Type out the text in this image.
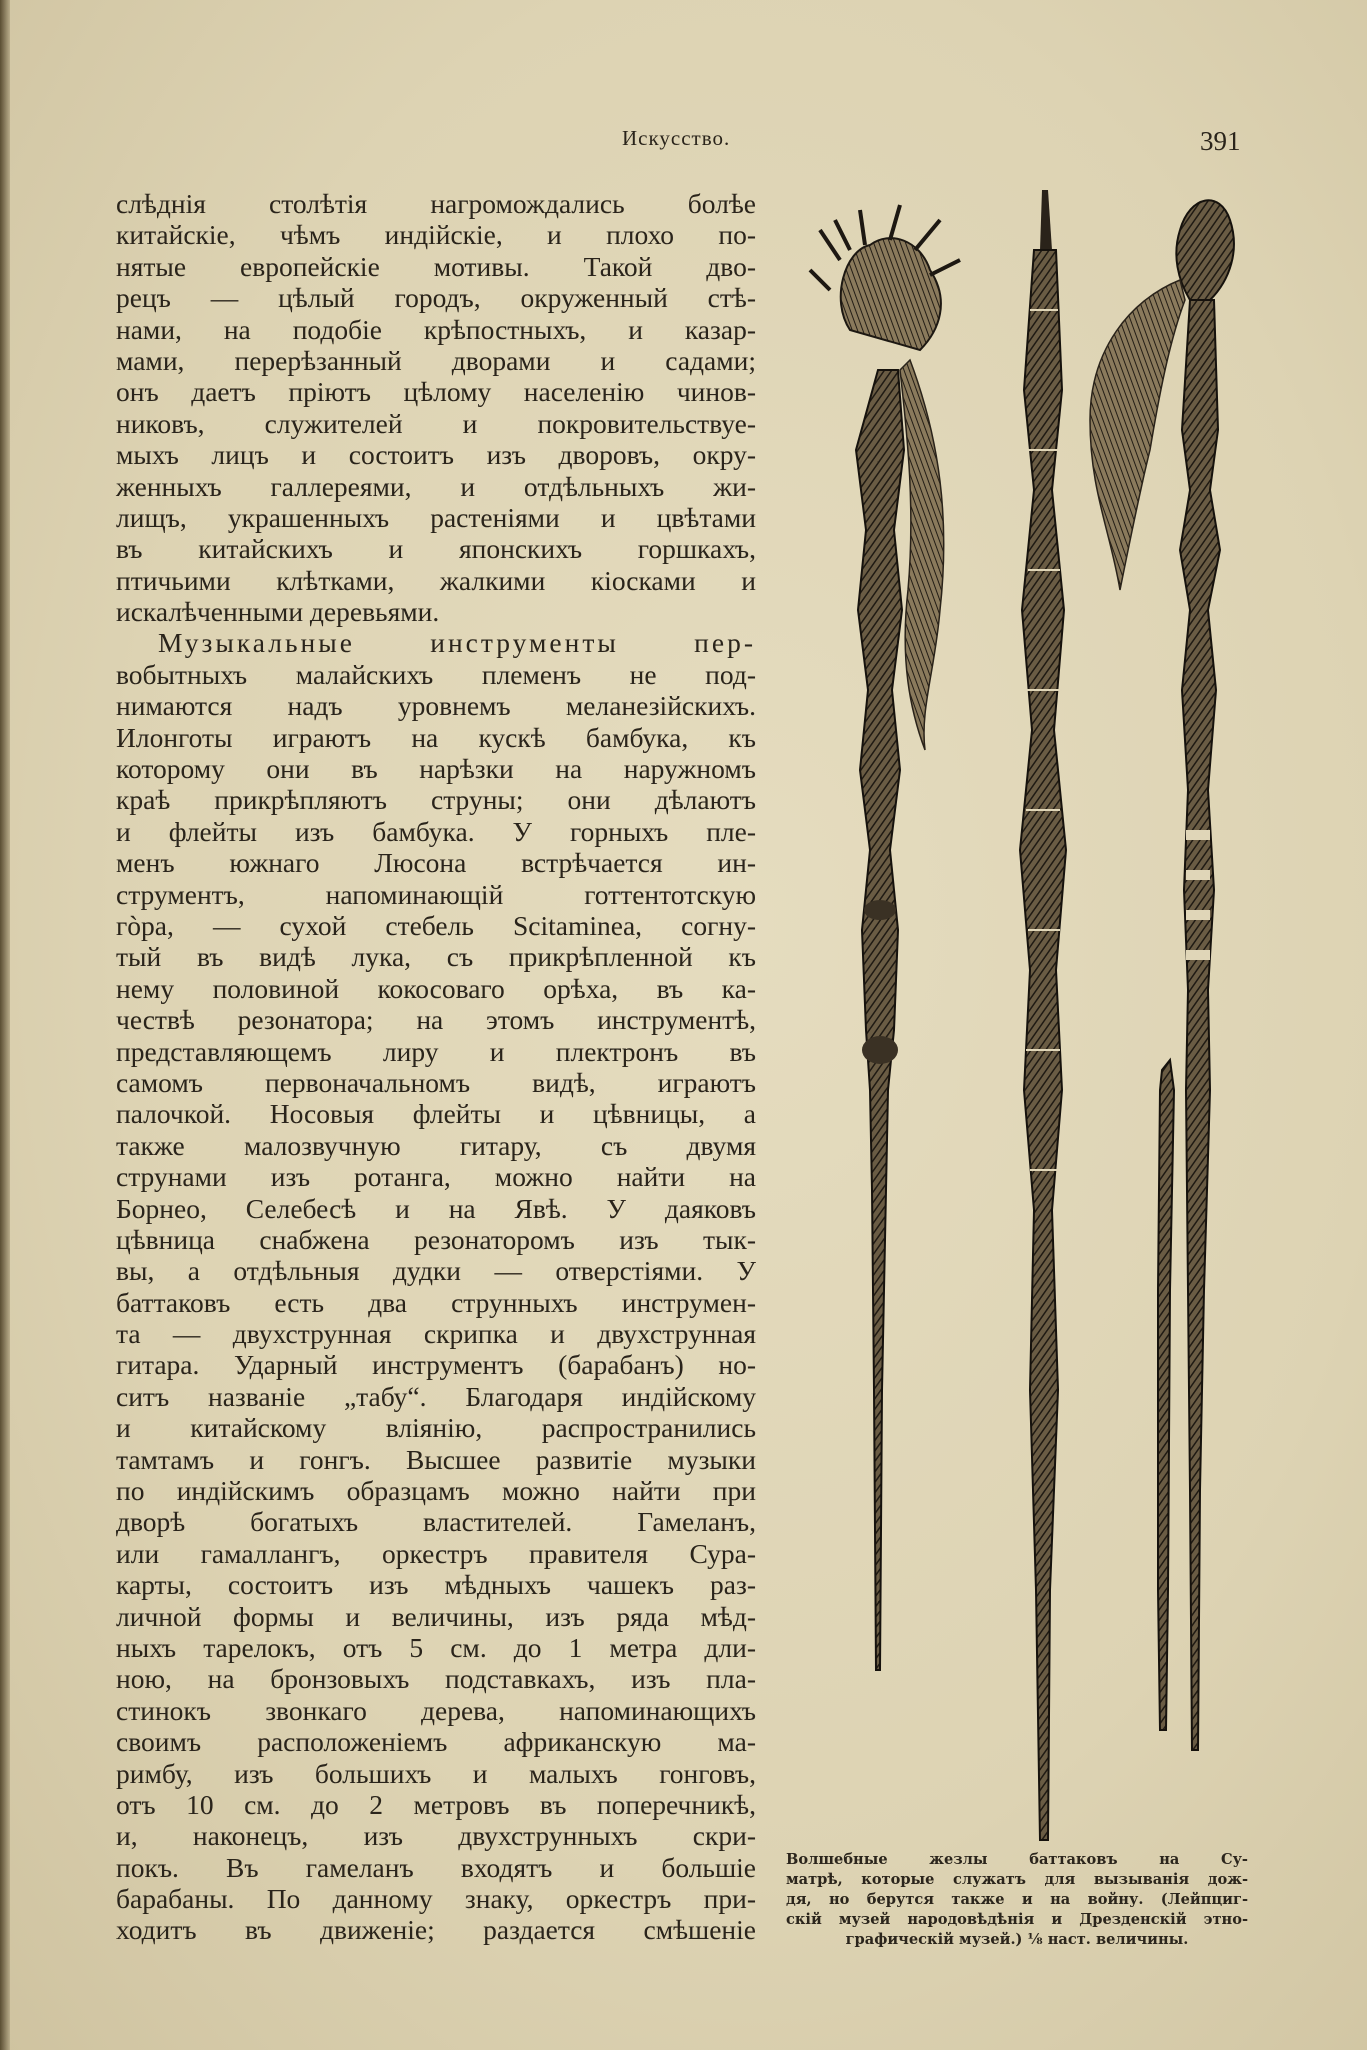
Искусство.	391
слѣднія столѣтія нагромождались болѣе
китайскіе, чѣмъ индійскіе, и плохо по-
нятые европейскіе мотивы. Такой дво-
рецъ — цѣлый городъ, окруженный стѣ-
нами, на подобіе крѣпостныхъ, и казар-
мами, перерѣзанный дворами и садами;
онъ даетъ пріютъ цѣлому населенію чинов-
никовъ, служителей и покровительствуе-
мыхъ лицъ и состоитъ изъ дворовъ, окру-
женныхъ галлереями, и отдѣльныхъ жи-
лищъ, украшенныхъ растеніями и цвѣтами
въ китайскихъ и японскихъ горшкахъ,
птичьими клѣтками, жалкими кіосками и
искалѣченными деревьями.
Музыкальные инструменты пер-
вобытныхъ малайскихъ племенъ не под-
нимаются надъ уровнемъ меланезійскихъ.
Илонготы играютъ на кускѣ бамбука, къ
которому они въ нарѣзки на наружномъ
краѣ прикрѣпляютъ струны; они дѣлаютъ
и флейты изъ бамбука. У горныхъ пле-
менъ южнаго Люсона встрѣчается ин-
струментъ, напоминающій готтентотскую
гòра, — сухой стебель Scitaminea, согну-
тый въ видѣ лука, съ прикрѣпленной къ
нему половиной кокосоваго орѣха, въ ка-
чествѣ резонатора; на этомъ инструментѣ,
представляющемъ лиру и плектронъ въ
самомъ первоначальномъ видѣ, играютъ
палочкой. Носовыя флейты и цѣвницы, а
также малозвучную гитару, съ двумя
струнами изъ ротанга, можно найти на
Борнео, Селебесѣ и на Явѣ. У даяковъ
цѣвница снабжена резонаторомъ изъ тык-
вы, а отдѣльныя дудки — отверстіями. У
баттаковъ есть два струнныхъ инструмен-
та — двухструнная скрипка и двухструнная
гитара. Ударный инструментъ (барабанъ) но-
ситъ названіе „табу“. Благодаря индійскому
и китайскому вліянію, распространились
тамтамъ и гонгъ. Высшее развитіе музыки
по индійскимъ образцамъ можно найти при
дворѣ богатыхъ властителей. Гамеланъ,
или гамаллангъ, оркестръ правителя Сура-
карты, состоитъ изъ мѣдныхъ чашекъ раз-
личной формы и величины, изъ ряда мѣд-
ныхъ тарелокъ, отъ 5 см. до 1 метра дли-
ною, на бронзовыхъ подставкахъ, изъ пла-
стинокъ звонкаго дерева, напоминающихъ
своимъ расположеніемъ африканскую ма-
римбу, изъ большихъ и малыхъ гонговъ,
отъ 10 см. до 2 метровъ въ поперечникѣ,
и, наконецъ, изъ двухструнныхъ скри-
покъ. Въ гамеланъ входятъ и большіе
барабаны. По данному знаку, оркестръ при-
ходитъ въ движеніе; раздается смѣшеніе
Волшебные жезлы баттаковъ на Су-
матрѣ, которые служатъ для вызыванія дож-
дя, но берутся также и на войну. (Лейпциг-
скій музей народовѣдѣнія и Дрезденскій этно-
графическій музей.) ⅛ наст. величины.
